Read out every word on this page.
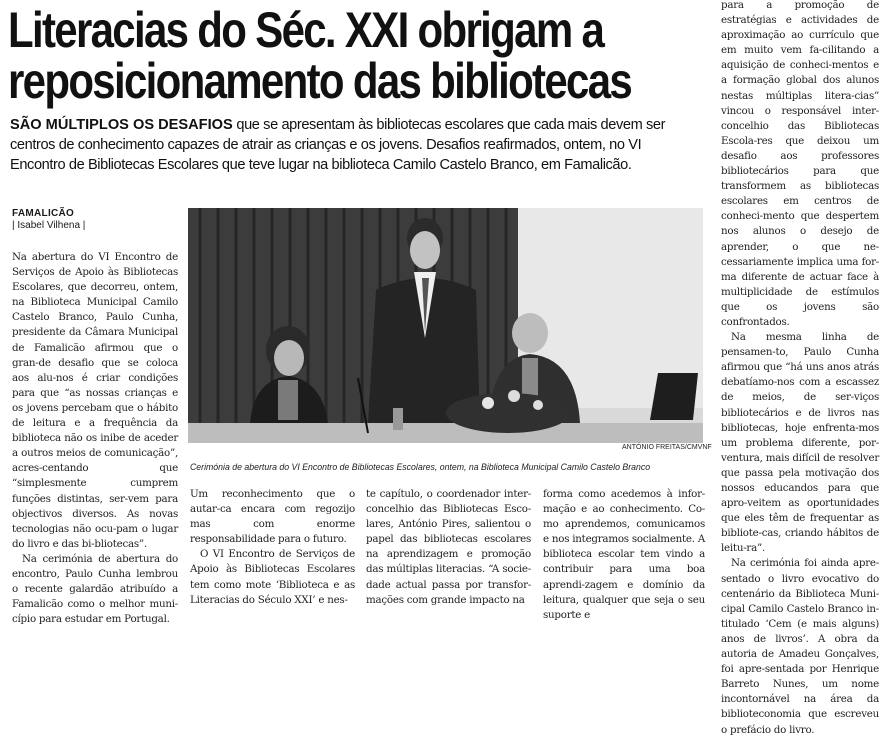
Literacias do Séc. XXI obrigam a
reposicionamento das bibliotecas
SÃO MÚLTIPLOS OS DESAFIOS que se apresentam às bibliotecas escolares que cada mais devem ser centros de conhecimento capazes de atrair as crianças e os jovens. Desafios reafirmados, ontem, no VI Encontro de Bibliotecas Escolares que teve lugar na biblioteca Camilo Castelo Branco, em Famalicão.
FAMALICÃO
| Isabel Vilhena |

Na abertura do VI Encontro de Serviços de Apoio às Bibliotecas Escolares, que decorreu, ontem, na Biblioteca Municipal Camilo Castelo Branco, Paulo Cunha, presidente da Câmara Municipal de Famalicão afirmou que o gran-de desafio que se coloca aos alu-nos é criar condições para que “as nossas crianças e os jovens percebam que o hábito de leitura e a frequência da biblioteca não os inibe de aceder a outros meios de comunicação”, acres-centando que “simplesmente cumprem funções distintas, ser-vem para objectivos diversos. As novas tecnologias não ocu-pam o lugar do livro e das bi-bliotecas”.

Na cerimónia de abertura do encontro, Paulo Cunha lembrou o recente galardão atribuído a Famalicão como o melhor muni-cípio para estudar em Portugal.

ANTÓNIO FREITAS/CMVNF
Cerimónia de abertura do VI Encontro de Bibliotecas Escolares, ontem, na Biblioteca Municipal Camilo Castelo Branco

Um reconhecimento que o autar-ca encara com regozijo mas com enorme responsabilidade para o futuro.

O VI Encontro de Serviços de Apoio às Bibliotecas Escolares tem como mote ‘Biblioteca e as Literacias do Século XXI’ e nes-

te capítulo, o coordenador inter-concelhio das Bibliotecas Esco-lares, António Pires, salientou o papel das bibliotecas escolares na aprendizagem e promoção das múltiplas literacias. “A socie-dade actual passa por transfor-mações com grande impacto na

forma como acedemos à infor-mação e ao conhecimento. Co-mo aprendemos, comunicamos e nos integramos socialmente. A biblioteca escolar tem vindo a contribuir para uma boa aprendi-zagem e domínio da leitura, qualquer que seja o seu suporte e

para a promoção de estratégias e actividades de aproximação ao currículo que em muito vem fa-cilitando a aquisição de conheci-mentos e a formação global dos alunos nestas múltiplas litera-cias” vincou o responsável inter-concelhio das Bibliotecas Escola-res que deixou um desafio aos professores bibliotecários para que transformem as bibliotecas escolares em centros de conheci-mento que despertem nos alunos o desejo de aprender, o que ne-cessariamente implica uma for-ma diferente de actuar face à multiplicidade de estímulos que os jovens são confrontados.

Na mesma linha de pensamen-to, Paulo Cunha afirmou que “há uns anos atrás debatíamo-nos com a escassez de meios, de ser-viços bibliotecários e de livros nas bibliotecas, hoje enfrenta-mos um problema diferente, por-ventura, mais difícil de resolver que passa pela motivação dos nossos educandos para que apro-veitem as oportunidades que eles têm de frequentar as bibliote-cas, criando hábitos de leitu-ra”.

Na cerimónia foi ainda apre-sentado o livro evocativo do centenário da Biblioteca Muni-cipal Camilo Castelo Branco in-titulado ‘Cem (e mais alguns) anos de livros’. A obra da autoria de Amadeu Gonçalves, foi apre-sentada por Henrique Barreto Nunes, um nome incontornável na área da biblioteconomia que escreveu o prefácio do livro.
